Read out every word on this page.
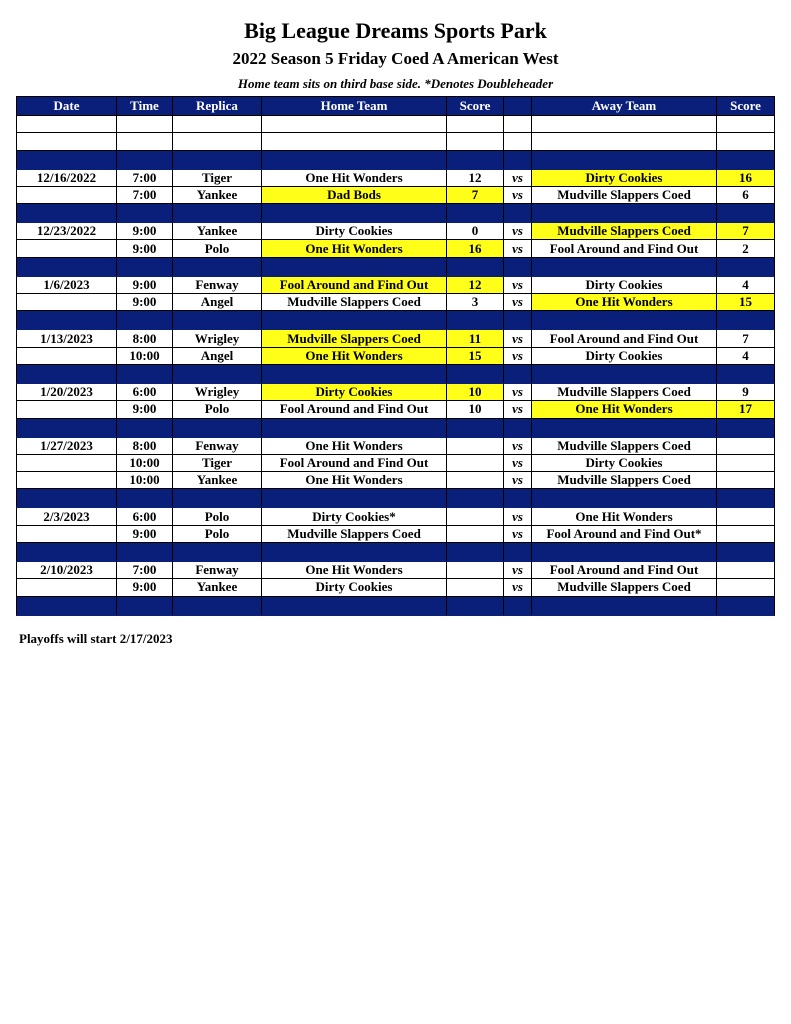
Big League Dreams Sports Park
2022 Season 5 Friday Coed A American West
Home team sits on third base side. *Denotes Doubleheader
Date	Time	Replica	Home Team	Score		Away Team	Score

12/16/2022	7:00	Tiger	One Hit Wonders	12	vs	Dirty Cookies	16
	7:00	Yankee	Dad Bods	7	vs	Mudville Slappers Coed	6

12/23/2022	9:00	Yankee	Dirty Cookies	0	vs	Mudville Slappers Coed	7
	9:00	Polo	One Hit Wonders	16	vs	Fool Around and Find Out	2

1/6/2023	9:00	Fenway	Fool Around and Find Out	12	vs	Dirty Cookies	4
	9:00	Angel	Mudville Slappers Coed	3	vs	One Hit Wonders	15

1/13/2023	8:00	Wrigley	Mudville Slappers Coed	11	vs	Fool Around and Find Out	7
	10:00	Angel	One Hit Wonders	15	vs	Dirty Cookies	4

1/20/2023	6:00	Wrigley	Dirty Cookies	10	vs	Mudville Slappers Coed	9
	9:00	Polo	Fool Around and Find Out	10	vs	One Hit Wonders	17

1/27/2023	8:00	Fenway	One Hit Wonders		vs	Mudville Slappers Coed	
	10:00	Tiger	Fool Around and Find Out		vs	Dirty Cookies	
	10:00	Yankee	One Hit Wonders		vs	Mudville Slappers Coed	

2/3/2023	6:00	Polo	Dirty Cookies*		vs	One Hit Wonders	
	9:00	Polo	Mudville Slappers Coed		vs	Fool Around and Find Out*	

2/10/2023	7:00	Fenway	One Hit Wonders		vs	Fool Around and Find Out	
	9:00	Yankee	Dirty Cookies		vs	Mudville Slappers Coed	

Playoffs will start 2/17/2023
